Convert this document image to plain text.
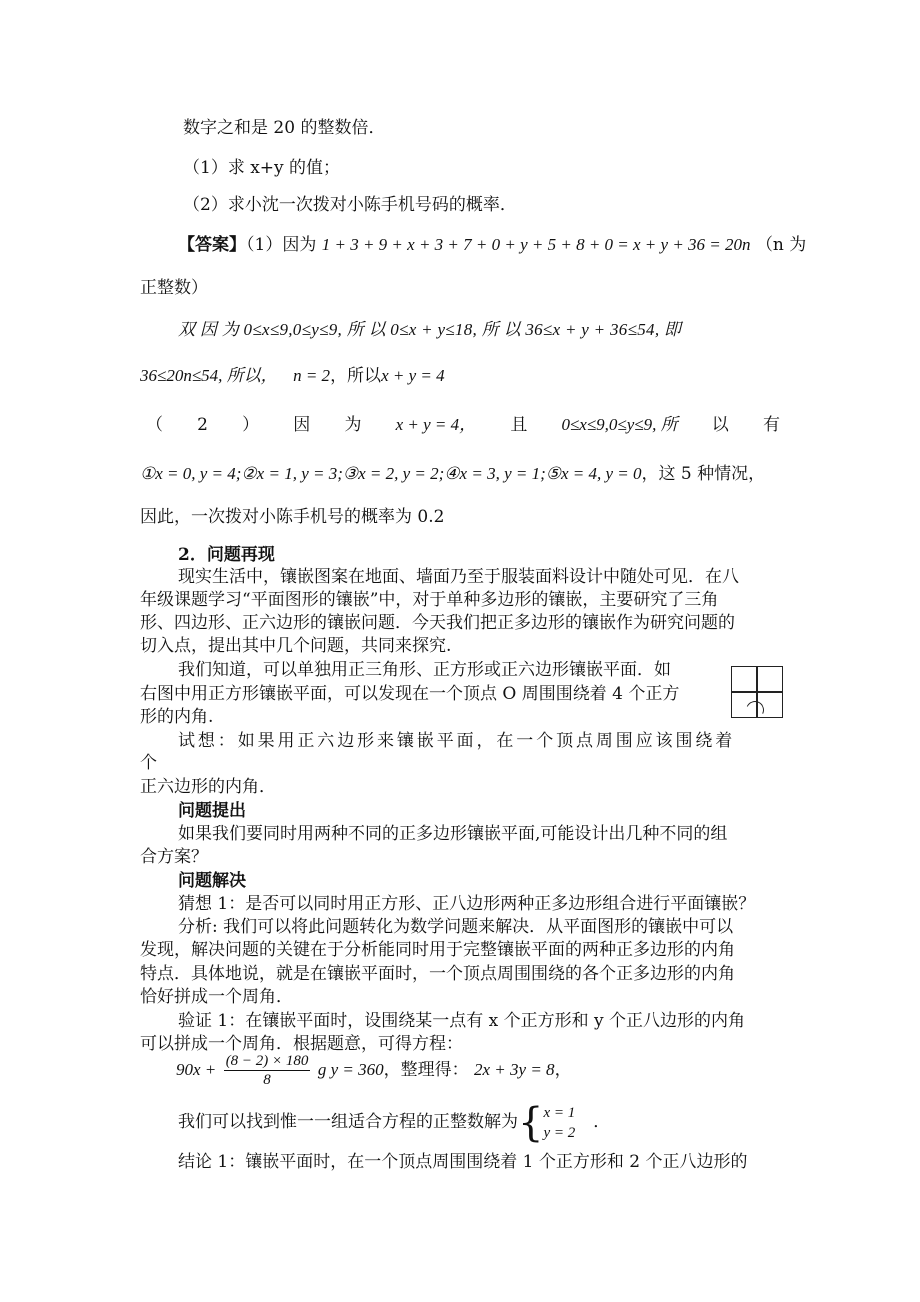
数字之和是 20 的整数倍．
（1）求 x+y 的值；
（2）求小沈一次拨对小陈手机号码的概率．
【答案】（1）因为 1 + 3 + 9 + x + 3 + 7 + 0 + y + 5 + 8 + 0 = x + y + 36 = 20n （n 为
正整数）
双 因 为 0≤x≤9,0≤y≤9, 所 以 0≤x + y≤18, 所 以 36≤x + y + 36≤54, 即
36≤20n≤54, 所以， n = 2，所以x + y = 4
（ 2 ） 因 为 x + y = 4， 且 0≤x≤9,0≤y≤9, 所 以 有
①x = 0, y = 4;②x = 1, y = 3;③x = 2, y = 2;④x = 3, y = 1;⑤x = 4, y = 0，这 5 种情况，
因此，一次拨对小陈手机号的概率为 0.2
2．问题再现
现实生活中，镶嵌图案在地面、墙面乃至于服装面料设计中随处可见．在八
年级课题学习“平面图形的镶嵌”中，对于单种多边形的镶嵌，主要研究了三角
形、四边形、正六边形的镶嵌问题．今天我们把正多边形的镶嵌作为研究问题的
切入点，提出其中几个问题，共同来探究.
我们知道，可以单独用正三角形、正方形或正六边形镶嵌平面．如
右图中用正方形镶嵌平面，可以发现在一个顶点 O 周围围绕着 4 个正方
形的内角.
试想：如果用正六边形来镶嵌平面，在一个顶点周围应该围绕着
个
正六边形的内角．
问题提出
如果我们要同时用两种不同的正多边形镶嵌平面,可能设计出几种不同的组
合方案？
问题解决
猜想 1：是否可以同时用正方形、正八边形两种正多边形组合进行平面镶嵌？
分析: 我们可以将此问题转化为数学问题来解决．从平面图形的镶嵌中可以
发现，解决问题的关键在于分析能同时用于完整镶嵌平面的两种正多边形的内角
特点．具体地说，就是在镶嵌平面时，一个顶点周围围绕的各个正多边形的内角
恰好拼成一个周角．
验证 1：在镶嵌平面时，设围绕某一点有 x 个正方形和 y 个正八边形的内角
可以拼成一个周角．根据题意，可得方程：
$90x + \frac{(8 - 2) \times 180}{8}$ g y = 360，整理得： 2x + 3y = 8，
我们可以找到惟一一组适合方程的正整数解为{ x = 1
y = 2
．
结论 1：镶嵌平面时，在一个顶点周围围绕着 1 个正方形和 2 个正八边形的
